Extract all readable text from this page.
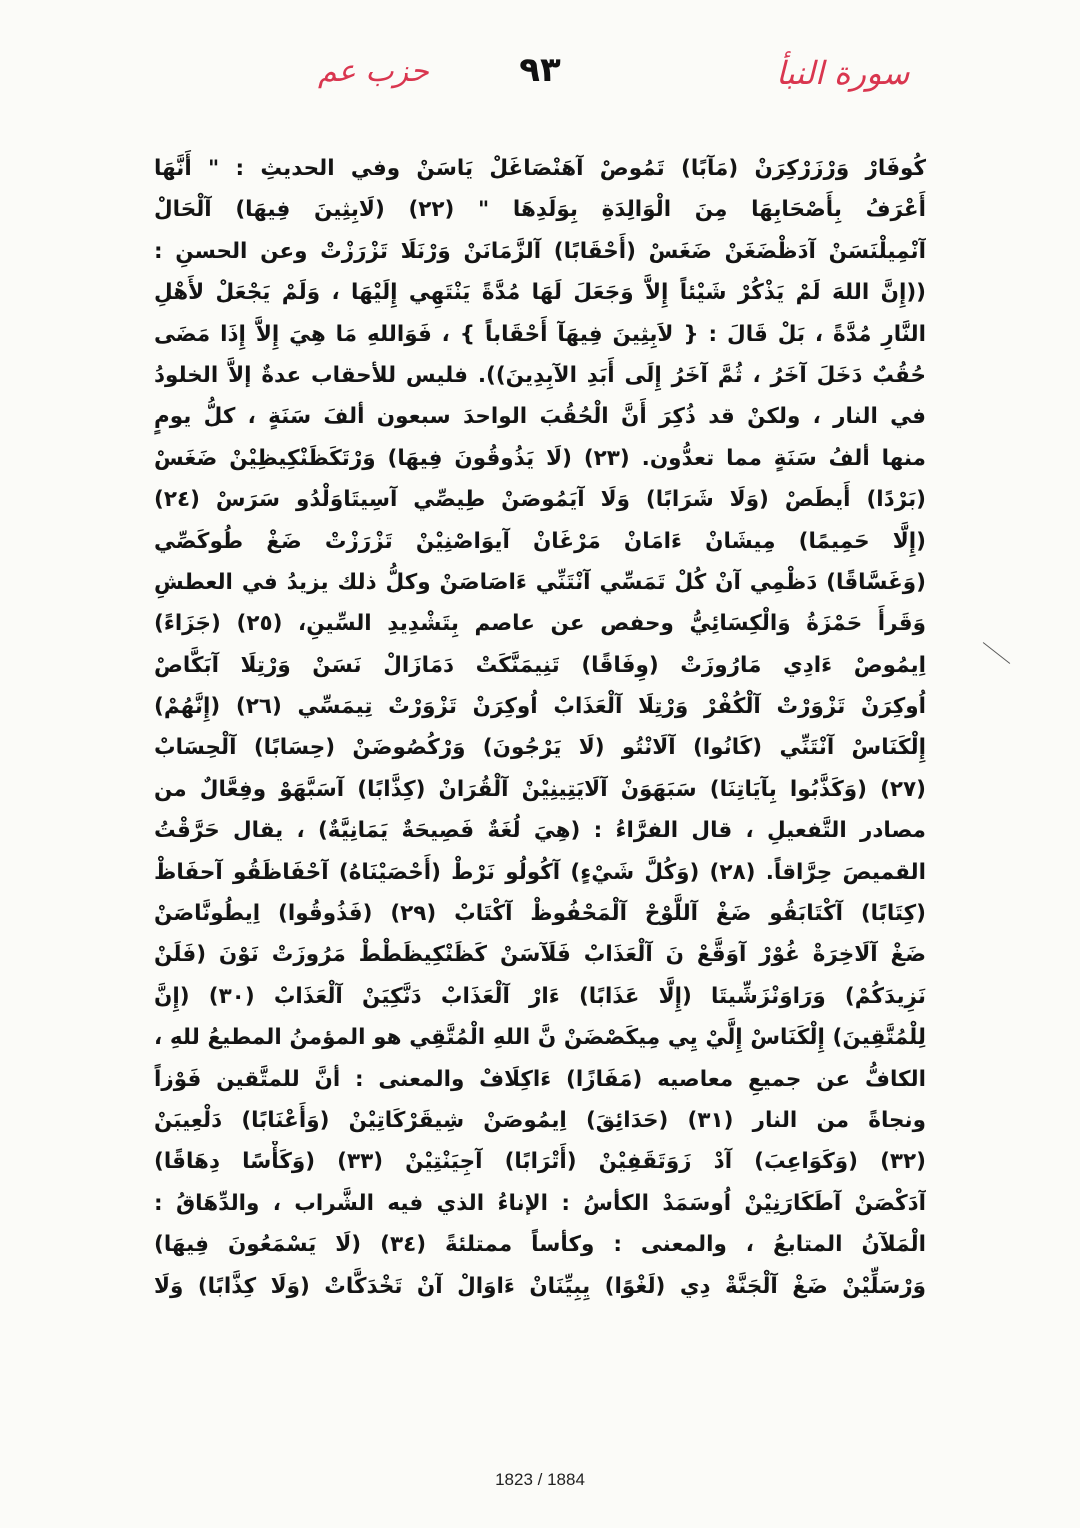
حزب عم	٩٣	سورة النبأ
كُوفَارْ وَرْزَرْكِرَنْ (مَآبًا) تَمُوصْ آهَنْصَاغَلْ يَاسَنْ وفي الحديثِ : " أَنَّهَا
أَعْرَفُ بِأَصْحَابِهَا مِنَ الْوَالِدَةِ بِوَلَدِهَا " (٢٢) (لَابِثِينَ فِيهَا) آلْحَالْ
آنْمِيلْنَسَنْ آدَظْضَغَنْ ضَغَسْ (أَحْقَابًا) آلزَّمَانَنْ وَرْنَلَا تَزْرَزْتْ وعن الحسنِ :
((إِنَّ اللهَ لَمْ يَذْكُرْ شَيْئاً إِلاَّ وَجَعَلَ لَهَا مُدَّةً يَنْتَهِي إِلَيْهَا ، وَلَمْ يَجْعَلْ لأَهْلِ
النَّارِ مُدَّةً ، بَلْ قَالَ : { لاَبِثِينَ فِيهَآ أَحْقَاباً } ، فَوَاللهِ مَا هِيَ إِلاَّ إِذَا مَضَى
حُقُبٌ دَخَلَ آخَرُ ، ثُمَّ آخَرُ إِلَى أَبَدِ الآبِدِينَ)). فليس للأحقاب عدةٌ إلاَّ الخلودُ
في النار ، ولكنْ قد ذُكِرَ أَنَّ الْحُقُبَ الواحدَ سبعون ألفَ سَنَةٍ ، كلُّ يومٍ
منها ألفُ سَنَةٍ مما تعدُّون. (٢٣) (لَا يَذُوقُونَ فِيهَا) وَرْتَكَظَنْكِيظِيْنْ ضَغَسْ
(بَرْدًا) أَيطَصْ (وَلَا شَرَابًا) وَلَا آيَمُوصَنْ طِيصِّي آسِيتَاوَلْدُو سَرَسْ (٢٤)
(إِلَّا حَمِيمًا) مِيشَانْ ءَامَانْ مَرْغَانْ آيوَاصْنِيْنْ تَزْرَزْتْ ضَغْ طُوكَصِّي
(وَغَسَّاقًا) دَظْمِي آنْ كُلْ تَمَسِّي آنْتَنِّي ءَاصَاصَنْ وكلُّ ذلك يزيدُ في العطشِ
وَقَرأَ حَمْزَةُ وَالْكِسَائِيُّ وحفص عن عاصم بِتَشْدِيدِ السِّينِ، (٢٥) (جَزَاءً)
اِيمُوصْ ءَادِي مَارُوزَتْ (وِفَاقًا) تَنِيمَنَّكَتْ دَمَازَالْ نَسَنْ وَرْتِلَا آبَكَّاصْ
اُوكِرَنْ تَزْوَرْتْ آلْكُفْرْ وَرْتِلَا آلْعَذَابْ اُوكِرَنْ تَزْوَرْتْ تِيمَسِّي (٢٦) (إِنَّهُمْ)
إِلْكَنَاسْ آنْتَنِّي (كَانُوا) آلَانْتُو (لَا يَرْجُونَ) وَرْكُصُوضَنْ (حِسَابًا) آلْحِسَابْ
(٢٧) (وَكَذَّبُوا بِآيَاتِنَا) سَبَهَوَنْ آلَايَتِينِيْنْ آلْقُرَانْ (كِذَّابًا) آسَبَّهَوْ وفِعَّالٌ من
مصادر التَّفعيلِ ، قال الفرَّاءُ : (هِيَ لُغَةٌ فَصِيحَةٌ يَمَانِيَّةٌ) ، يقال حَرَّقْتُ
القميصَ حِرَّاقاً. (٢٨) (وَكُلَّ شَيْءٍ) آكُولُو نَرْطْ (أَحْصَيْنَاهُ) آحْفَاظَقُو آحفَاظْ
(كِتَابًا) آكْتَابَقُو ضَغْ آللَّوْحْ آلْمَحْفُوظْ آكْتَابْ (٢٩) (فَذُوقُوا) اِيطُونَّاصَنْ
ضَغْ آلَاخِرَةْ غُوْرْ آوَقَّعْ نَ آلْعَذَابْ فَلَآسَنْ كَظَنْكِيظَطْطْ مَرُوزَتْ نَوْنَ (فَلَنْ
نَزِيدَكُمْ) وَرَاوَنْزَشِّيتَا (إِلَّا عَذَابًا) ءَارْ آلْعَذَابْ دَنَّكِيَنْ آلْعَذَابْ (٣٠) (إِنَّ
لِلْمُتَّقِينَ) إِلْكَنَاسْ إِلَّيْ يِي مِيكَصْضَنْ نَّ اللهِ الْمُتَّقِي هو المؤمنُ المطيعُ للهِ ،
الكافُّ عن جميعِ معاصيه (مَفَازًا) ءَاكِلَافْ والمعنى : أنَّ للمتَّقين فَوْزاً
ونجاةً من النار (٣١) (حَدَائِقَ) اِيمُوصَنْ شِيقَرْكَاتِيْنْ (وَأَعْنَابًا) دَلْعِيبَنْ
(٣٢) (وَكَوَاعِبَ) آدْ زَوَتَقَفِيْنْ (أَتْرَابًا) آجِيَنْتِيْنْ (٣٣) (وَكَأْسًا دِهَاقًا)
آدَكْصَنْ آطَكَارَنِيْنْ اُوسَمَدْ الكأسُ : الإناءُ الذي فيه الشَّراب ، والدِّهَاقُ :
الْمَلآنُ المتابعُ ، والمعنى : وكأساً ممتلئةً (٣٤) (لَا يَسْمَعُونَ فِيهَا)
وَرْسَلِّيْنْ ضَغْ آلْجَنَّةْ دِي (لَغْوًا) يِبِيِّنَانْ ءَاوَالْ آنْ تَخْدَكَّاتْ (وَلَا كِذَّابًا) وَلَا
1823 / 1884
